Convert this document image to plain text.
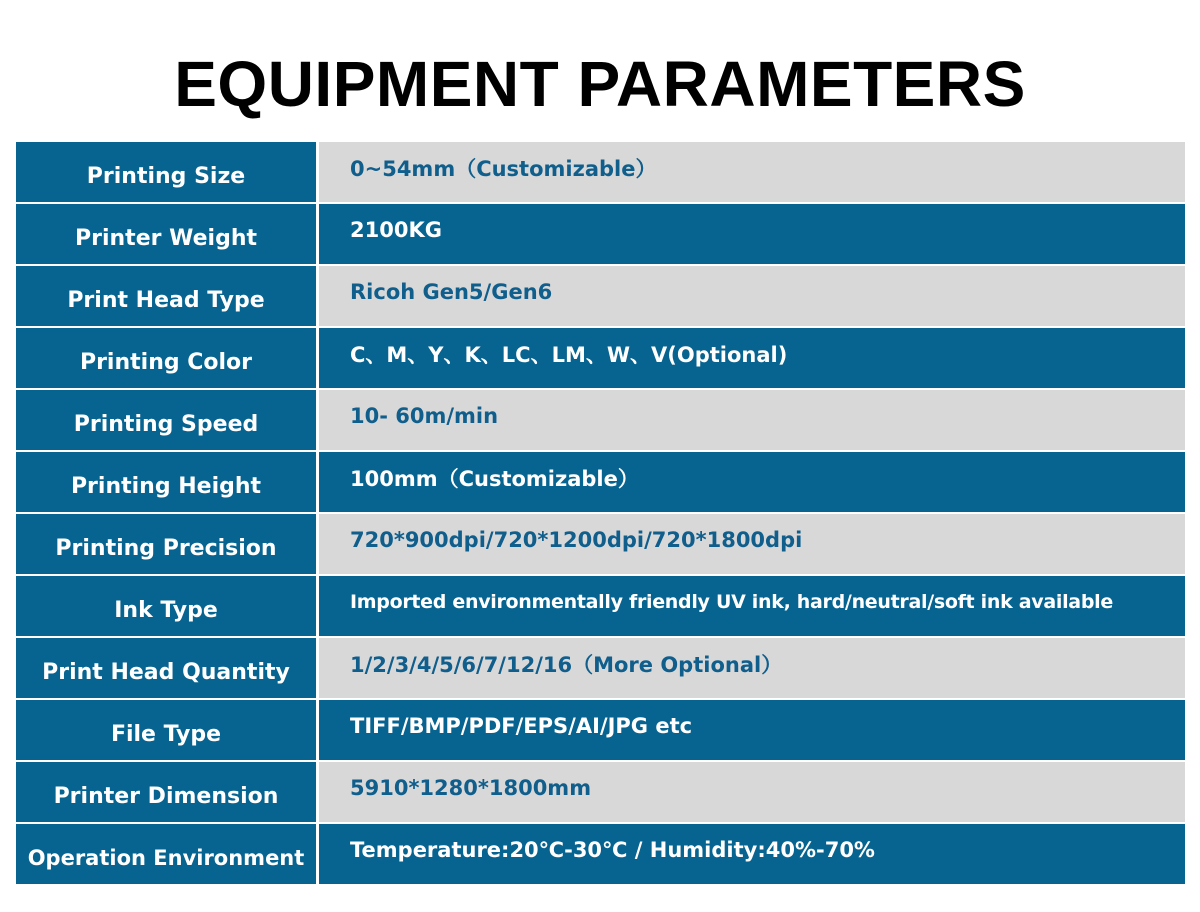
EQUIPMENT PARAMETERS
Printing Size	0~54mm（Customizable）
Printer Weight	2100KG
Print Head Type	Ricoh Gen5/Gen6
Printing Color	C、M、Y、K、LC、LM、W、V(Optional)
Printing Speed	10- 60m/min
Printing Height	100mm（Customizable）
Printing Precision	720*900dpi/720*1200dpi/720*1800dpi
Ink Type	Imported environmentally friendly UV ink, hard/neutral/soft ink available
Print Head Quantity	1/2/3/4/5/6/7/12/16（More Optional）
File Type	TIFF/BMP/PDF/EPS/AI/JPG etc
Printer Dimension	5910*1280*1800mm
Operation Environment	Temperature:20℃-30℃ / Humidity:40%-70%
